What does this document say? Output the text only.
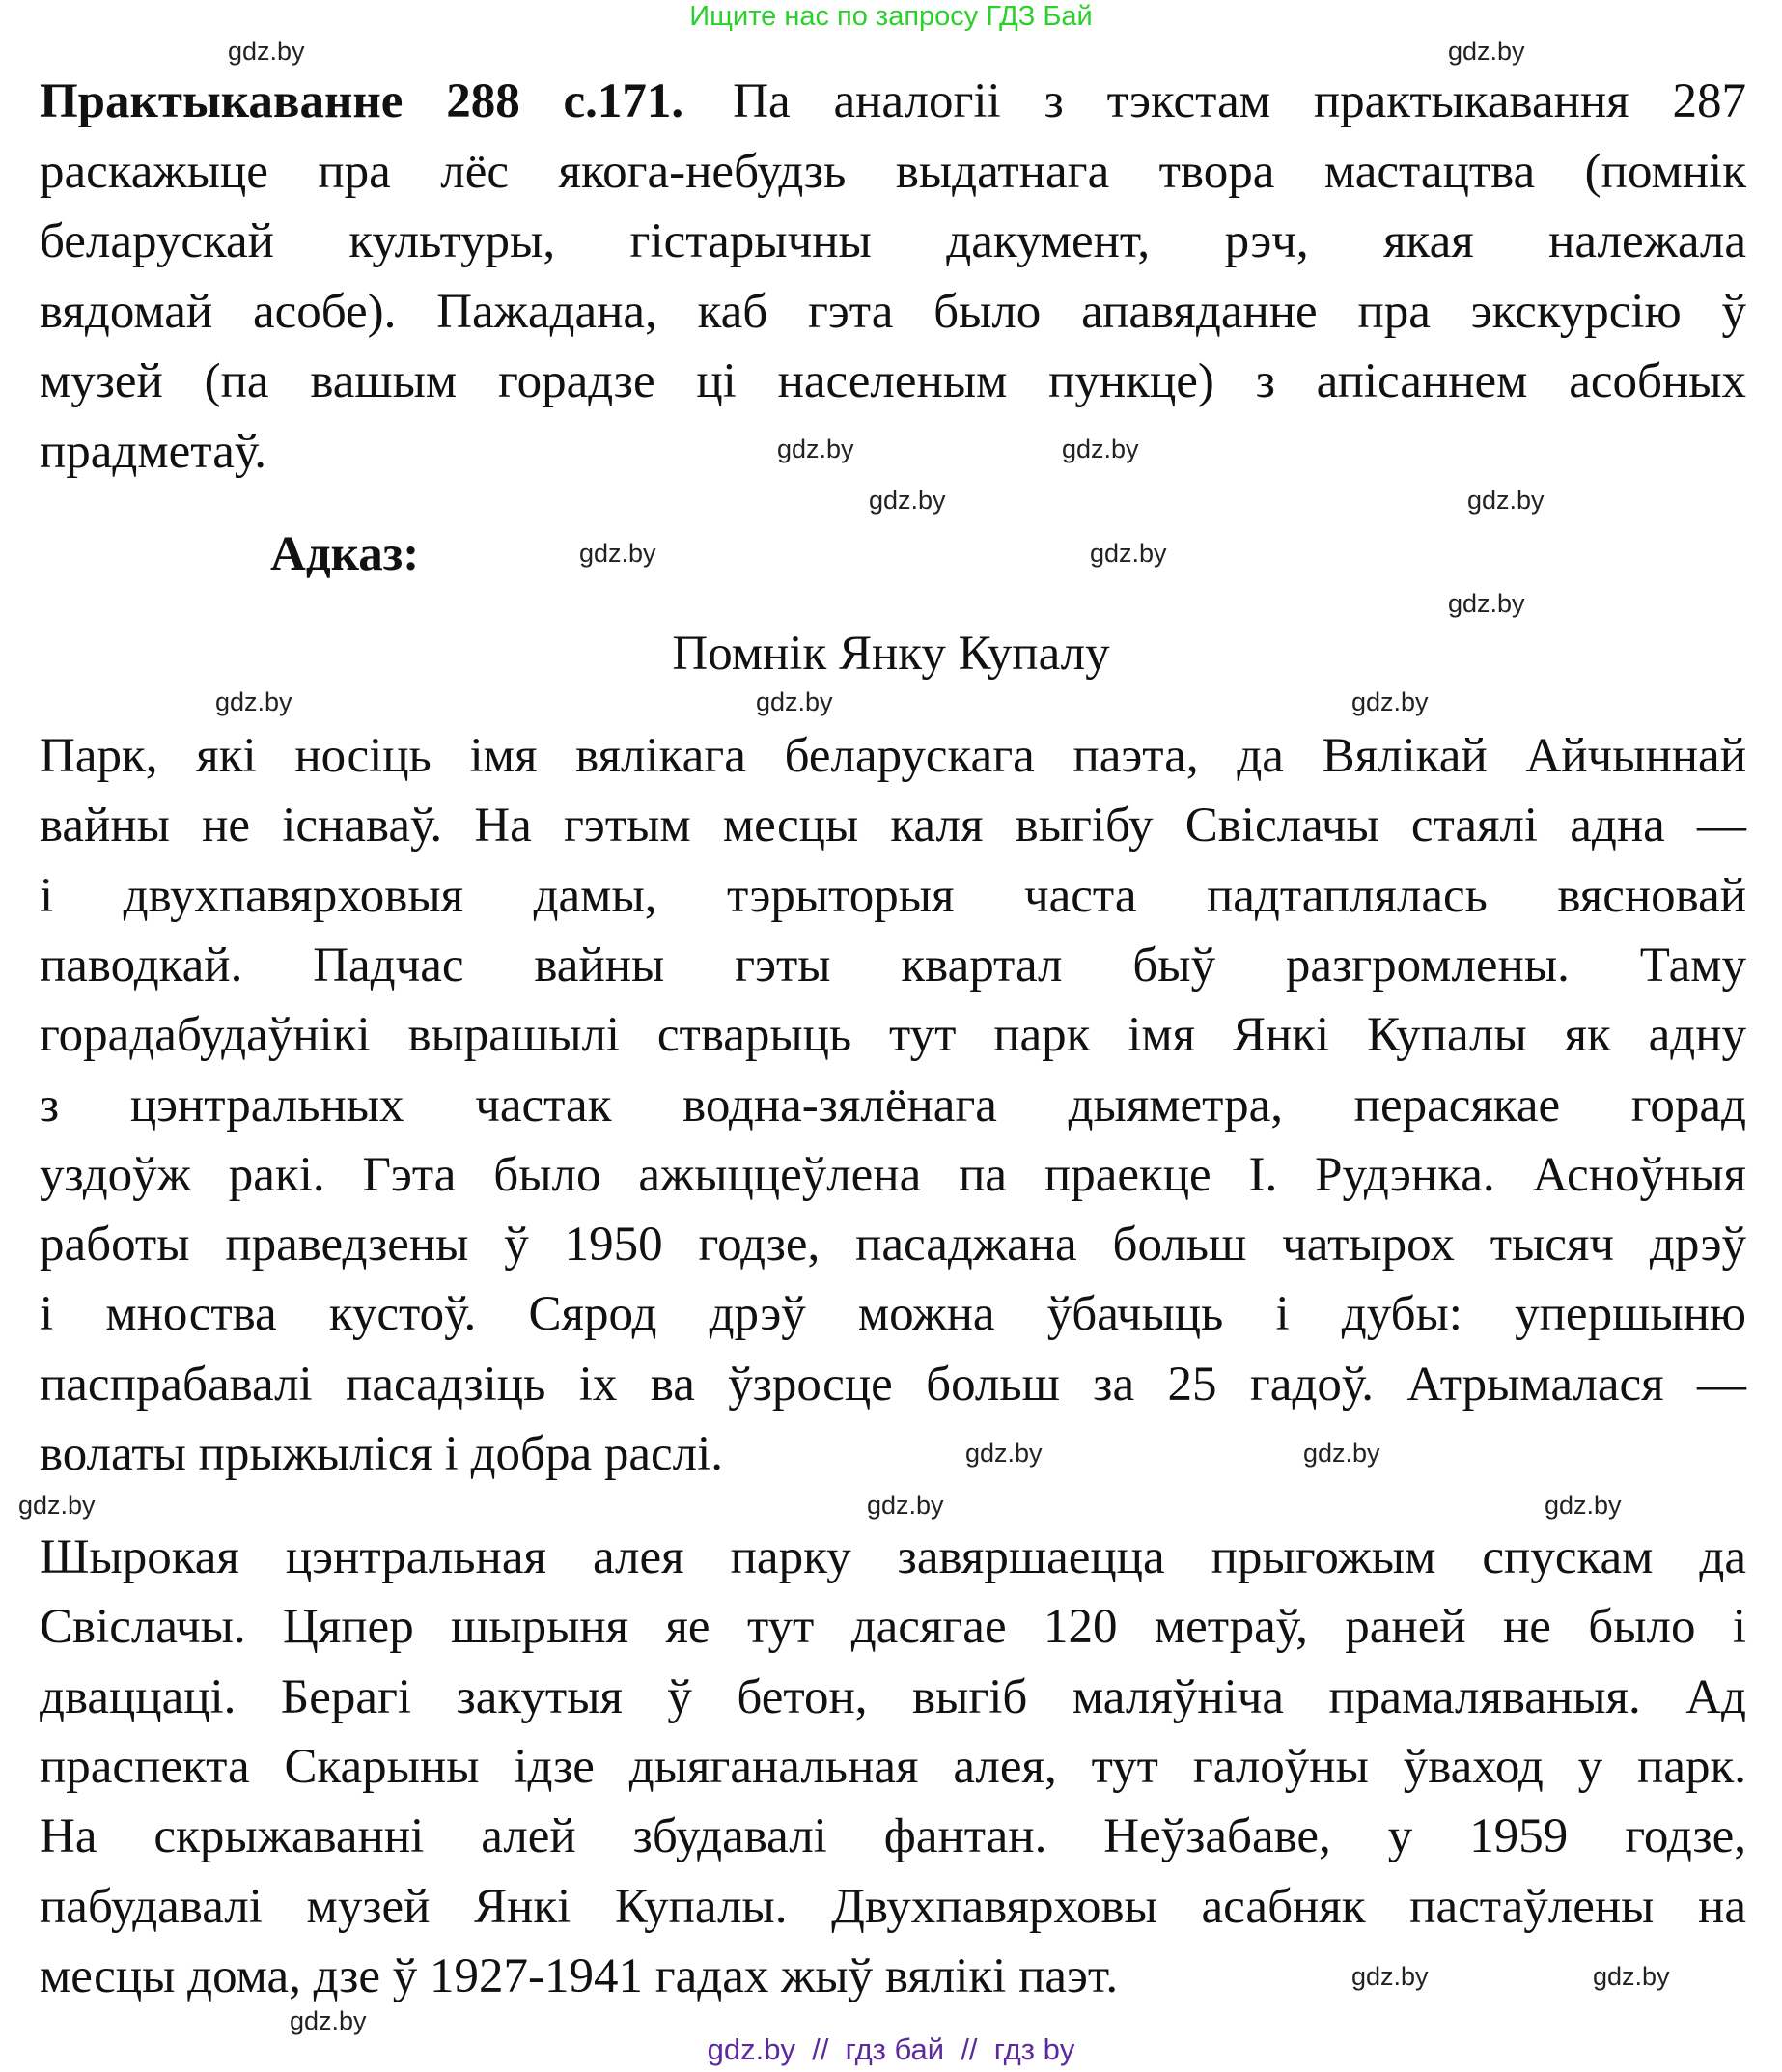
Ищите нас по запросу ГДЗ Бай
Практыкаванне 288 с.171.  Па аналогіі з тэкстам практыкавання 287
раскажыце пра лёс якога-небудзь выдатнага твора мастацтва (помнік
беларускай культуры, гістарычны дакумент, рэч, якая належала
вядомай асобе). Пажадана, каб гэта было апавяданне пра экскурсію ў
музей (па вашым горадзе ці населеным пункце) з апісаннем асобных
прадметаў.
Парк, які носіць імя вялікага беларускага паэта, да Вялікай Айчыннай
вайны не існаваў. На гэтым месцы каля выгібу Свіслачы стаялі адна —
і двухпавярховыя дамы, тэрыторыя часта падтаплялась вясновай
паводкай. Падчас вайны гэты квартал быў разгромлены. Таму
горадабудаўнікі вырашылі стварыць тут парк імя Янкі Купалы як адну
з цэнтральных частак водна-зялёнага дыяметра, перасякае горад
уздоўж ракі. Гэта было ажыццеўлена па праекце І. Рудэнка. Асноўныя
работы праведзены ў 1950 годзе, пасаджана больш чатырох тысяч дрэў
і мноства кустоў. Сярод дрэў можна ўбачыць і дубы: упершыню
паспрабавалі пасадзіць іх ва ўзросце больш за 25 гадоў. Атрымалася —
волаты прыжыліся і добра раслі.
Шырокая цэнтральная алея парку завяршаецца прыгожым спускам да
Свіслачы. Цяпер шырыня яе тут дасягае 120 метраў, раней не было і
дваццаці. Берагі закутыя ў бетон, выгіб маляўніча прамаляваныя. Ад
праспекта Скарыны ідзе дыяганальная алея, тут галоўны ўваход у парк.
На скрыжаванні алей збудавалі фантан. Неўзабаве, у 1959 годзе,
пабудавалі музей Янкі Купалы. Двухпавярховы асабняк пастаўлены на
месцы дома, дзе ў 1927-1941 гадах жыў вялікі паэт.
gdz.by	gdz.by
gdz.by	gdz.by
gdz.by
gdz.by
gdz.by
gdz.by
gdz.by
gdz.by	gdz.by	gdz.by
gdz.by	gdz.by
gdz.by	gdz.by	gdz.by
gdz.by	gdz.by
gdz.by
Адказ:
Помнік Янку Купалу
gdz.by  //  гдз бай  //  гдз by
